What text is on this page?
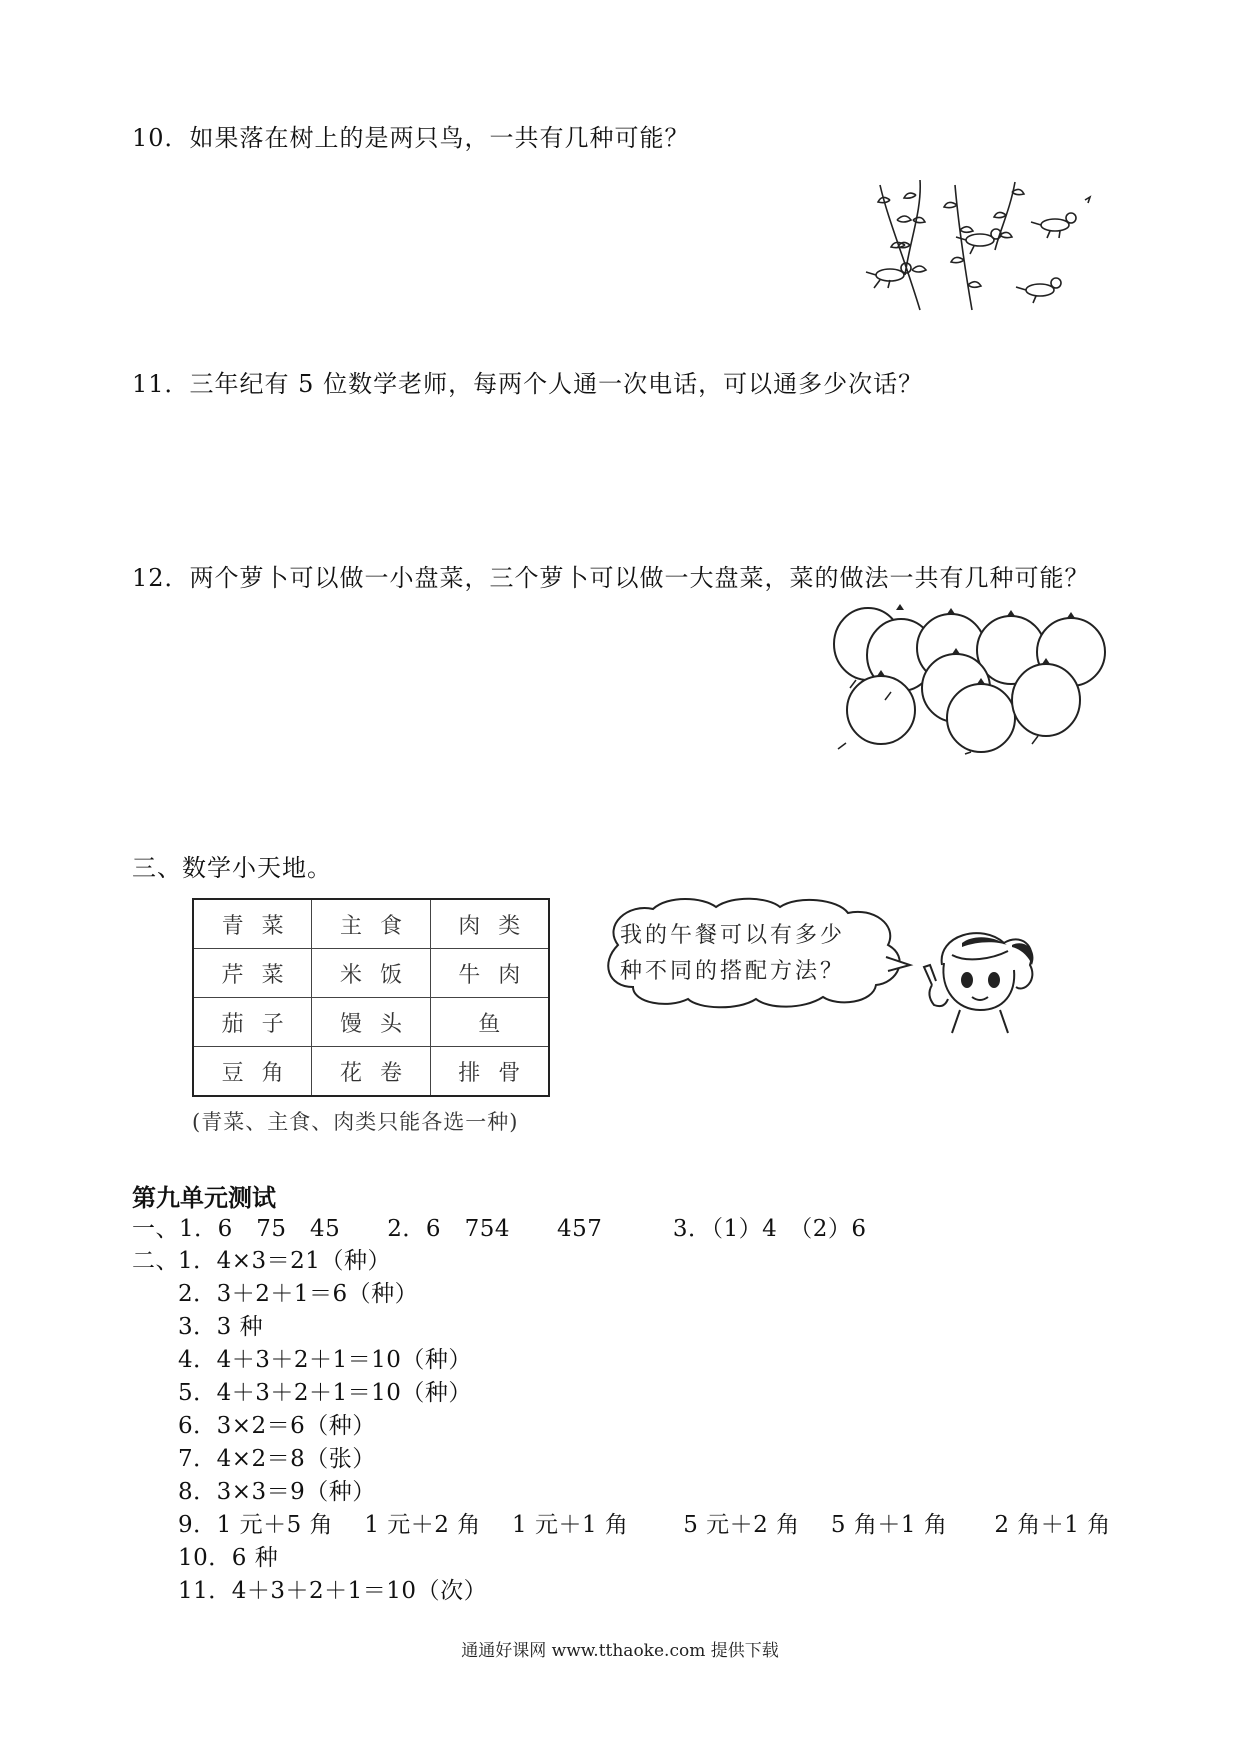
10．如果落在树上的是两只鸟，一共有几种可能？
11．三年纪有 5 位数学老师，每两个人通一次电话，可以通多少次话？
12．两个萝卜可以做一小盘菜，三个萝卜可以做一大盘菜，菜的做法一共有几种可能？
三、数学小天地。
青菜	主食	肉类
芹菜	米饭	牛肉
茄子	馒头	鱼
豆角	花卷	排骨
(青菜、主食、肉类只能各选一种)
我的午餐可以有多少
种不同的搭配方法？
第九单元测试
一、1．6　75　45　　2．6　754　　457　　　3．（1）4　（2）6
二、 1．4×3＝21（种）
2．3＋2＋1＝6（种）
3．3 种
4．4＋3＋2＋1＝10（种）
5．4＋3＋2＋1＝10（种）
6．3×2＝6（种）
7．4×2＝8（张）
8．3×3＝9（种）
9．1 元＋5 角　 1 元＋2 角　 1 元＋1 角　　 5 元＋2 角　 5 角＋1 角　　2 角＋1 角
10．6 种
11．4＋3＋2＋1＝10（次）
通通好课网 www.tthaoke.com 提供下载
